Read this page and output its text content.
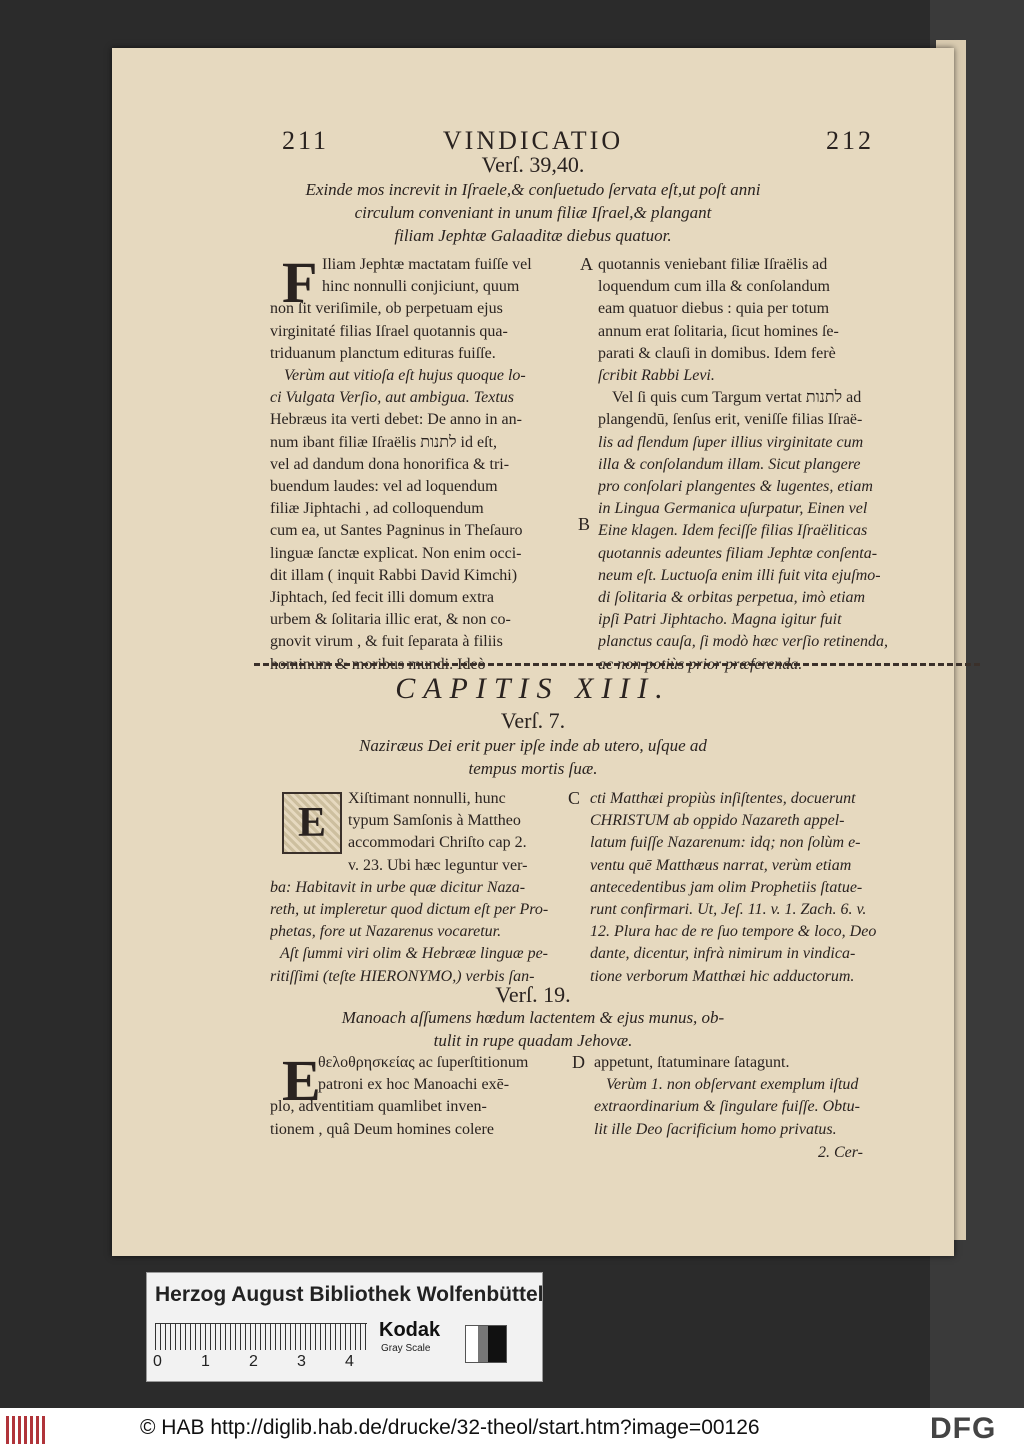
211	VINDICATIO	212
Verſ. 39,40.
Exinde mos increvit in Iſraele,& conſuetudo ſervata eſt,ut poſt anni
circulum conveniant in unum filiæ Iſrael,& plangant
filiam Jephtæ Galaaditæ diebus quatuor.
F Iliam Jephtæ mactatam fuiſſe vel
hinc nonnulli conjiciunt, quum
non ſit veriſimile, ob perpetuam ejus
virginitaté filias Iſrael quotannis qua-
triduanum planctum edituras fuiſſe.
Verùm aut vitioſa eſt hujus quoque lo-
ci Vulgata Verſio, aut ambigua. Textus
Hebræus ita verti debet: De anno in an-
num ibant filiæ Iſraëlis לתנות id eſt,
vel ad dandum dona honorifica & tri-
buendum laudes: vel ad loquendum
filiæ Jiphtachi , ad colloquendum
cum ea, ut Santes Pagninus in Theſauro
linguæ ſanctæ explicat. Non enim occi-
dit illam ( inquit Rabbi David Kimchi)
Jiphtach, ſed fecit illi domum extra
urbem & ſolitaria illic erat, & non co-
gnovit virum , & fuit ſeparata à filiis
hominum & moribus mundi. Ideò
A
B
quotannis veniebant filiæ Iſraëlis ad
loquendum cum illa & conſolandum
eam quatuor diebus : quia per totum
annum erat ſolitaria, ſicut homines ſe-
parati & clauſi in domibus. Idem ferè
ſcribit Rabbi Levi.
Vel ſi quis cum Targum vertat לתנות ad
plangendū, ſenſus erit, veniſſe filias Iſraë-
lis ad flendum ſuper illius virginitate cum
illa & conſolandum illam. Sicut plangere
pro conſolari plangentes & lugentes, etiam
in Lingua Germanica uſurpatur, Einen vel
Eine klagen. Idem feciſſe filias Iſraëliticas
quotannis adeuntes filiam Jephtæ conſenta-
neum eſt. Luctuoſa enim illi fuit vita ejuſmo-
di ſolitaria & orbitas perpetua, imò etiam
ipſi Patri Jiphtacho. Magna igitur fuit
planctus cauſa, ſi modò hæc verſio retinenda,
ac non potiùs prior præferenda.
CAPITIS XIII.
Verſ. 7.
Naziræus Dei erit puer ipſe inde ab utero, uſque ad
tempus mortis ſuæ.
E
Xiſtimant nonnulli, hunc
typum Samſonis à Mattheo
accommodari Chriſto cap 2.
v. 23. Ubi hæc leguntur ver-
ba: Habitavit in urbe quæ dicitur Naza-
reth, ut impleretur quod dictum eſt per Pro-
phetas, fore ut Nazarenus vocaretur.
Aſt ſummi viri olim & Hebrææ linguæ pe-
ritiſſimi (teſte HIERONYMO,) verbis ſan-
C cti Matthæi propiùs inſiſtentes, docuerunt
CHRISTUM ab oppido Nazareth appel-
latum fuiſſe Nazarenum: idq; non ſolùm e-
ventu quē Matthæus narrat, verùm etiam
antecedentibus jam olim Prophetiis ſtatue-
runt confirmari. Ut, Jeſ. 11. v. 1. Zach. 6. v.
12. Plura hac de re ſuo tempore & loco, Deo
dante, dicentur, infrà nimirum in vindica-
tione verborum Matthæi hic adductorum.
Verſ. 19.
Manoach aſſumens hœdum lactentem & ejus munus, ob-
tulit in rupe quadam Jehovæ.
E
θελοθρησκείας ac ſuperſtitionum
patroni ex hoc Manoachi exē-
plo, adventitiam quamlibet inven-
tionem , quâ Deum homines colere
D appetunt, ſtatuminare ſatagunt.
Verùm 1. non obſervant exemplum iſtud
extraordinarium & ſingulare fuiſſe. Obtu-
lit ille Deo ſacrificium homo privatus.
2. Cer-
Herzog August Bibliothek Wolfenbüttel
0 1 2 3 4
Kodak
Gray Scale
© HAB http://diglib.hab.de/drucke/32-theol/start.htm?image=00126	DFG
